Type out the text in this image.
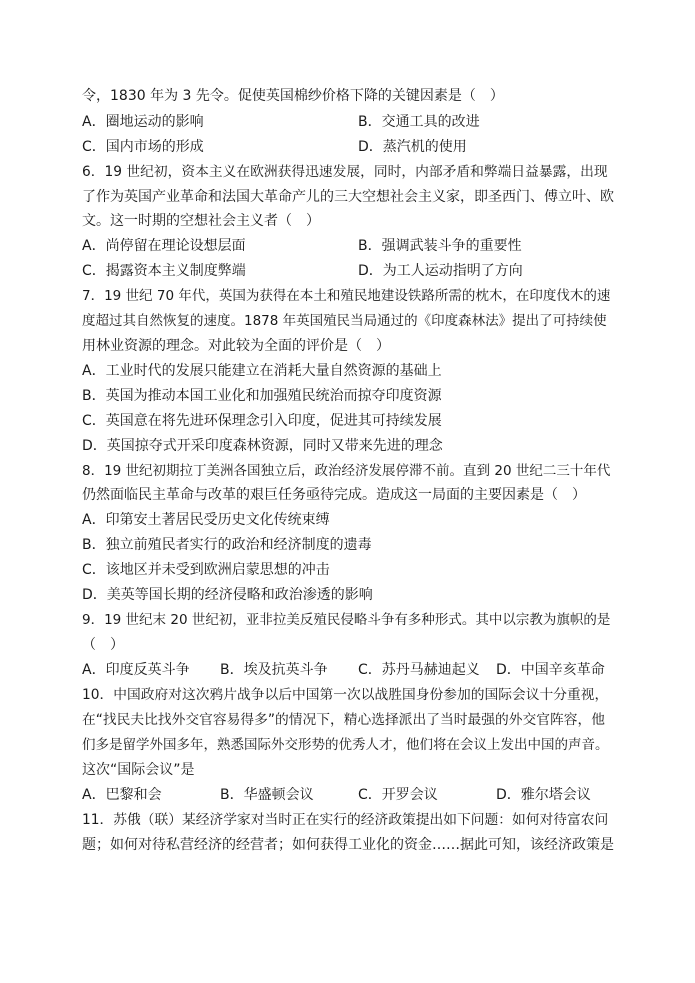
令，1830 年为 3 先令。促使英国棉纱价格下降的关键因素是（　）
A．圈地运动的影响	B．交通工具的改进
C．国内市场的形成	D．蒸汽机的使用
6．19 世纪初，资本主义在欧洲获得迅速发展，同时，内部矛盾和弊端日益暴露，出现
了作为英国产业革命和法国大革命产儿的三大空想社会主义家，即圣西门、傅立叶、欧
文。这一时期的空想社会主义者（　）
A．尚停留在理论设想层面	B．强调武装斗争的重要性
C．揭露资本主义制度弊端	D．为工人运动指明了方向
7．19 世纪 70 年代，英国为获得在本土和殖民地建设铁路所需的枕木，在印度伐木的速
度超过其自然恢复的速度。1878 年英国殖民当局通过的《印度森林法》提出了可持续使
用林业资源的理念。对此较为全面的评价是（　）
A．工业时代的发展只能建立在消耗大量自然资源的基础上
B．英国为推动本国工业化和加强殖民统治而掠夺印度资源
C．英国意在将先进环保理念引入印度，促进其可持续发展
D．英国掠夺式开采印度森林资源，同时又带来先进的理念
8．19 世纪初期拉丁美洲各国独立后，政治经济发展停滞不前。直到 20 世纪二三十年代
仍然面临民主革命与改革的艰巨任务亟待完成。造成这一局面的主要因素是（　）
A．印第安土著居民受历史文化传统束缚
B．独立前殖民者实行的政治和经济制度的遗毒
C．该地区并未受到欧洲启蒙思想的冲击
D．美英等国长期的经济侵略和政治渗透的影响
9．19 世纪末 20 世纪初，亚非拉美反殖民侵略斗争有多种形式。其中以宗教为旗帜的是
（　）
A．印度反英斗争 B．埃及抗英斗争 C．苏丹马赫迪起义 D．中国辛亥革命
10．中国政府对这次鸦片战争以后中国第一次以战胜国身份参加的国际会议十分重视，
在“找民夫比找外交官容易得多”的情况下，精心选择派出了当时最强的外交官阵容，他
们多是留学外国多年，熟悉国际外交形势的优秀人才，他们将在会议上发出中国的声音。
这次“国际会议”是
A．巴黎和会	B．华盛顿会议	C．开罗会议	D．雅尔塔会议
11．苏俄（联）某经济学家对当时正在实行的经济政策提出如下问题：如何对待富农问
题；如何对待私营经济的经营者；如何获得工业化的资金……据此可知，该经济政策是
